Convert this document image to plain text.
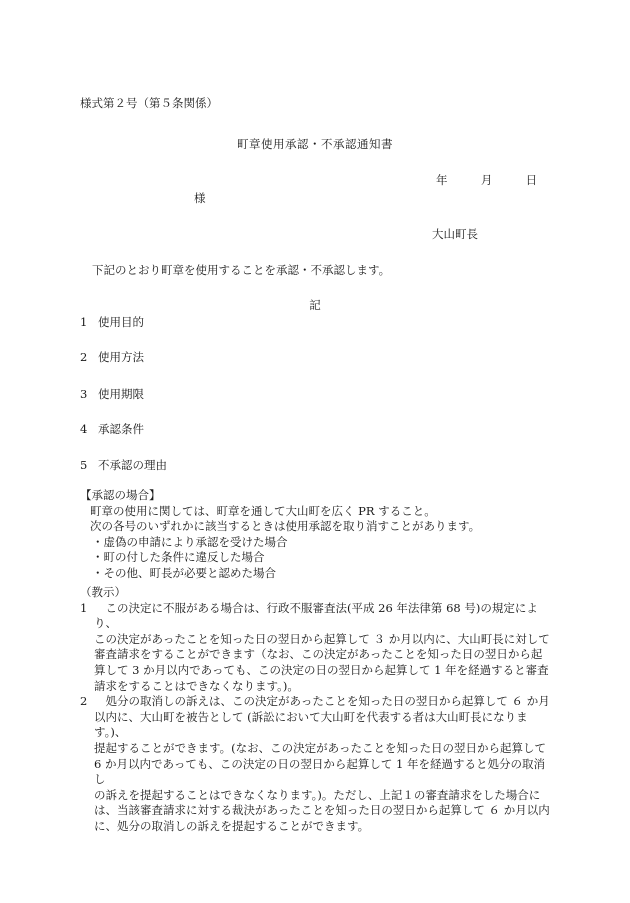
様式第２号（第５条関係）
町章使用承認・不承認通知書
年	月	日
様
大山町長
下記のとおり町章を使用することを承認・不承認します。
記
1 使用目的
2 使用方法
3 使用期限
4 承認条件
5 不承認の理由

【承認の場合】

町章の使用に関しては、町章を通して大山町を広く PR すること。

次の各号のいずれかに該当するときは使用承認を取り消すことがあります。

・虚偽の申請により承認を受けた場合

・町の付した条件に違反した場合

・その他、町長が必要と認めた場合

（教示）

1 　この決定に不服がある場合は、行政不服審査法(平成 26 年法律第 68 号)の規定により、
この決定があったことを知った日の翌日から起算して ３ か月以内に、大山町長に対して
審査請求をすることができます（なお、この決定があったことを知った日の翌日から起
算して 3 か月以内であっても、この決定の日の翌日から起算して 1 年を経過すると審査
請求をすることはできなくなります。)。
2 　処分の取消しの訴えは、この決定があったことを知った日の翌日から起算して ６ か月
以内に、大山町を被告として (訴訟において大山町を代表する者は大山町長になります。)、
提起することができます。(なお、この決定があったことを知った日の翌日から起算して
6 か月以内であっても、この決定の日の翌日から起算して 1 年を経過すると処分の取消し
の訴えを提起することはできなくなります。)。ただし、上記１の審査請求をした場合に
は、当該審査請求に対する裁決があったことを知った日の翌日から起算して ６ か月以内
に、処分の取消しの訴えを提起することができます。
